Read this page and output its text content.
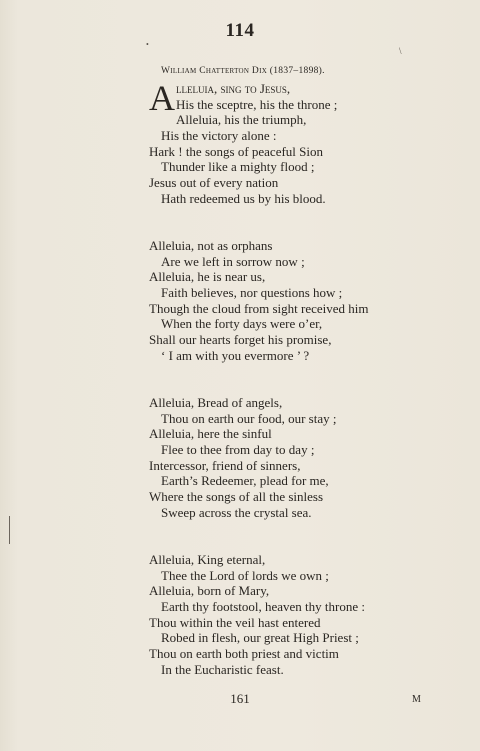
114
•
\
William Chatterton Dix (1837–1898).
A lleluia, sing to Jesus,
His the sceptre, his the throne ;
Alleluia, his the triumph,
His the victory alone :
Hark ! the songs of peaceful Sion
Thunder like a mighty flood ;
Jesus out of every nation
Hath redeemed us by his blood.
Alleluia, not as orphans
Are we left in sorrow now ;
Alleluia, he is near us,
Faith believes, nor questions how ;
Though the cloud from sight received him
When the forty days were o’er,
Shall our hearts forget his promise,
‘ I am with you evermore ’ ?
Alleluia, Bread of angels,
Thou on earth our food, our stay ;
Alleluia, here the sinful
Flee to thee from day to day ;
Intercessor, friend of sinners,
Earth’s Redeemer, plead for me,
Where the songs of all the sinless
Sweep across the crystal sea.
Alleluia, King eternal,
Thee the Lord of lords we own ;
Alleluia, born of Mary,
Earth thy footstool, heaven thy throne :
Thou within the veil hast entered
Robed in flesh, our great High Priest ;
Thou on earth both priest and victim
In the Eucharistic feast.
161	M
